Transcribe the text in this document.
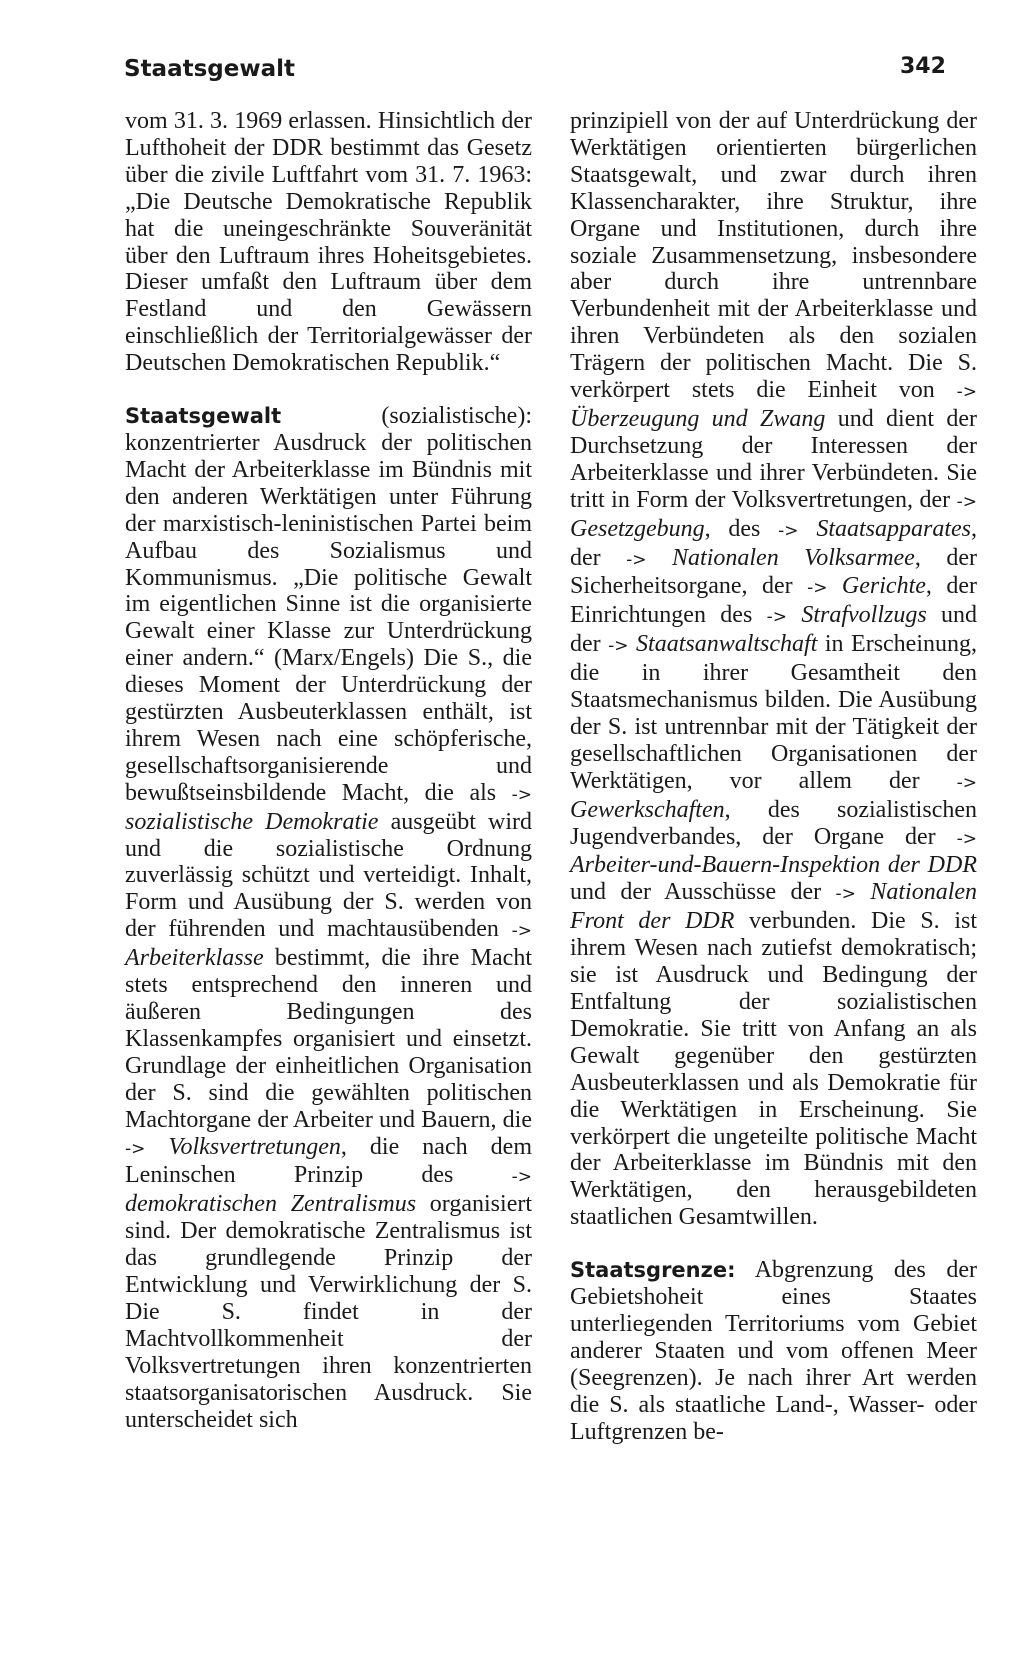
Staatsgewalt	342

vom 31. 3. 1969 erlassen. Hinsichtlich der Lufthoheit der DDR bestimmt das Gesetz über die zivile Luftfahrt vom 31. 7. 1963: „Die Deutsche Demokratische Republik hat die uneingeschränkte Souveränität über den Luftraum ihres Hoheitsgebietes. Dieser umfaßt den Luftraum über dem Festland und den Gewässern einschließlich der Territorialgewässer der Deutschen Demokratischen Republik.“

Staatsgewalt (sozialistische): konzentrierter Ausdruck der politischen Macht der Arbeiterklasse im Bündnis mit den anderen Werktätigen unter Führung der marxistisch-leninistischen Partei beim Aufbau des Sozialismus und Kommunismus. „Die politische Gewalt im eigentlichen Sinne ist die organisierte Gewalt einer Klasse zur Unterdrückung einer andern.“ (Marx/Engels) Die S., die dieses Moment der Unterdrückung der gestürzten Ausbeuterklassen enthält, ist ihrem Wesen nach eine schöpferische, gesellschaftsorganisierende und bewußtseinsbildende Macht, die als -> sozialistische Demokratie ausgeübt wird und die sozialistische Ordnung zuverlässig schützt und verteidigt. Inhalt, Form und Ausübung der S. werden von der führenden und machtausübenden -> Arbeiterklasse bestimmt, die ihre Macht stets entsprechend den inneren und äußeren Bedingungen des Klassenkampfes organisiert und einsetzt. Grundlage der einheitlichen Organisation der S. sind die gewählten politischen Machtorgane der Arbeiter und Bauern, die -> Volksvertretungen, die nach dem Leninschen Prinzip des -> demokratischen Zentralismus organisiert sind. Der demokratische Zentralismus ist das grundlegende Prinzip der Entwicklung und Verwirklichung der S. Die S. findet in der Machtvollkommenheit der Volksvertretungen ihren konzentrierten staatsorganisatorischen Ausdruck. Sie unterscheidet sich

prinzipiell von der auf Unterdrückung der Werktätigen orientierten bürgerlichen Staatsgewalt, und zwar durch ihren Klassencharakter, ihre Struktur, ihre Organe und Institutionen, durch ihre soziale Zusammensetzung, insbesondere aber durch ihre untrennbare Verbundenheit mit der Arbeiterklasse und ihren Verbündeten als den sozialen Trägern der politischen Macht. Die S. verkörpert stets die Einheit von -> Überzeugung und Zwang und dient der Durchsetzung der Interessen der Arbeiterklasse und ihrer Verbündeten. Sie tritt in Form der Volksvertretungen, der -> Gesetzgebung, des -> Staatsapparates, der -> Nationalen Volksarmee, der Sicherheitsorgane, der -> Gerichte, der Einrichtungen des -> Strafvollzugs und der -> Staatsanwaltschaft in Erscheinung, die in ihrer Gesamtheit den Staatsmechanismus bilden. Die Ausübung der S. ist untrennbar mit der Tätigkeit der gesellschaftlichen Organisationen der Werktätigen, vor allem der -> Gewerkschaften, des sozialistischen Jugendverbandes, der Organe der -> Arbeiter-und-Bauern-Inspektion der DDR und der Ausschüsse der -> Nationalen Front der DDR verbunden. Die S. ist ihrem Wesen nach zutiefst demokratisch; sie ist Ausdruck und Bedingung der Entfaltung der sozialistischen Demokratie. Sie tritt von Anfang an als Gewalt gegenüber den gestürzten Ausbeuterklassen und als Demokratie für die Werktätigen in Erscheinung. Sie verkörpert die ungeteilte politische Macht der Arbeiterklasse im Bündnis mit den Werktätigen, den herausgebildeten staatlichen Gesamtwillen.

Staatsgrenze: Abgrenzung des der Gebietshoheit eines Staates unterliegenden Territoriums vom Gebiet anderer Staaten und vom offenen Meer (Seegrenzen). Je nach ihrer Art werden die S. als staatliche Land-, Wasser- oder Luftgrenzen be-
